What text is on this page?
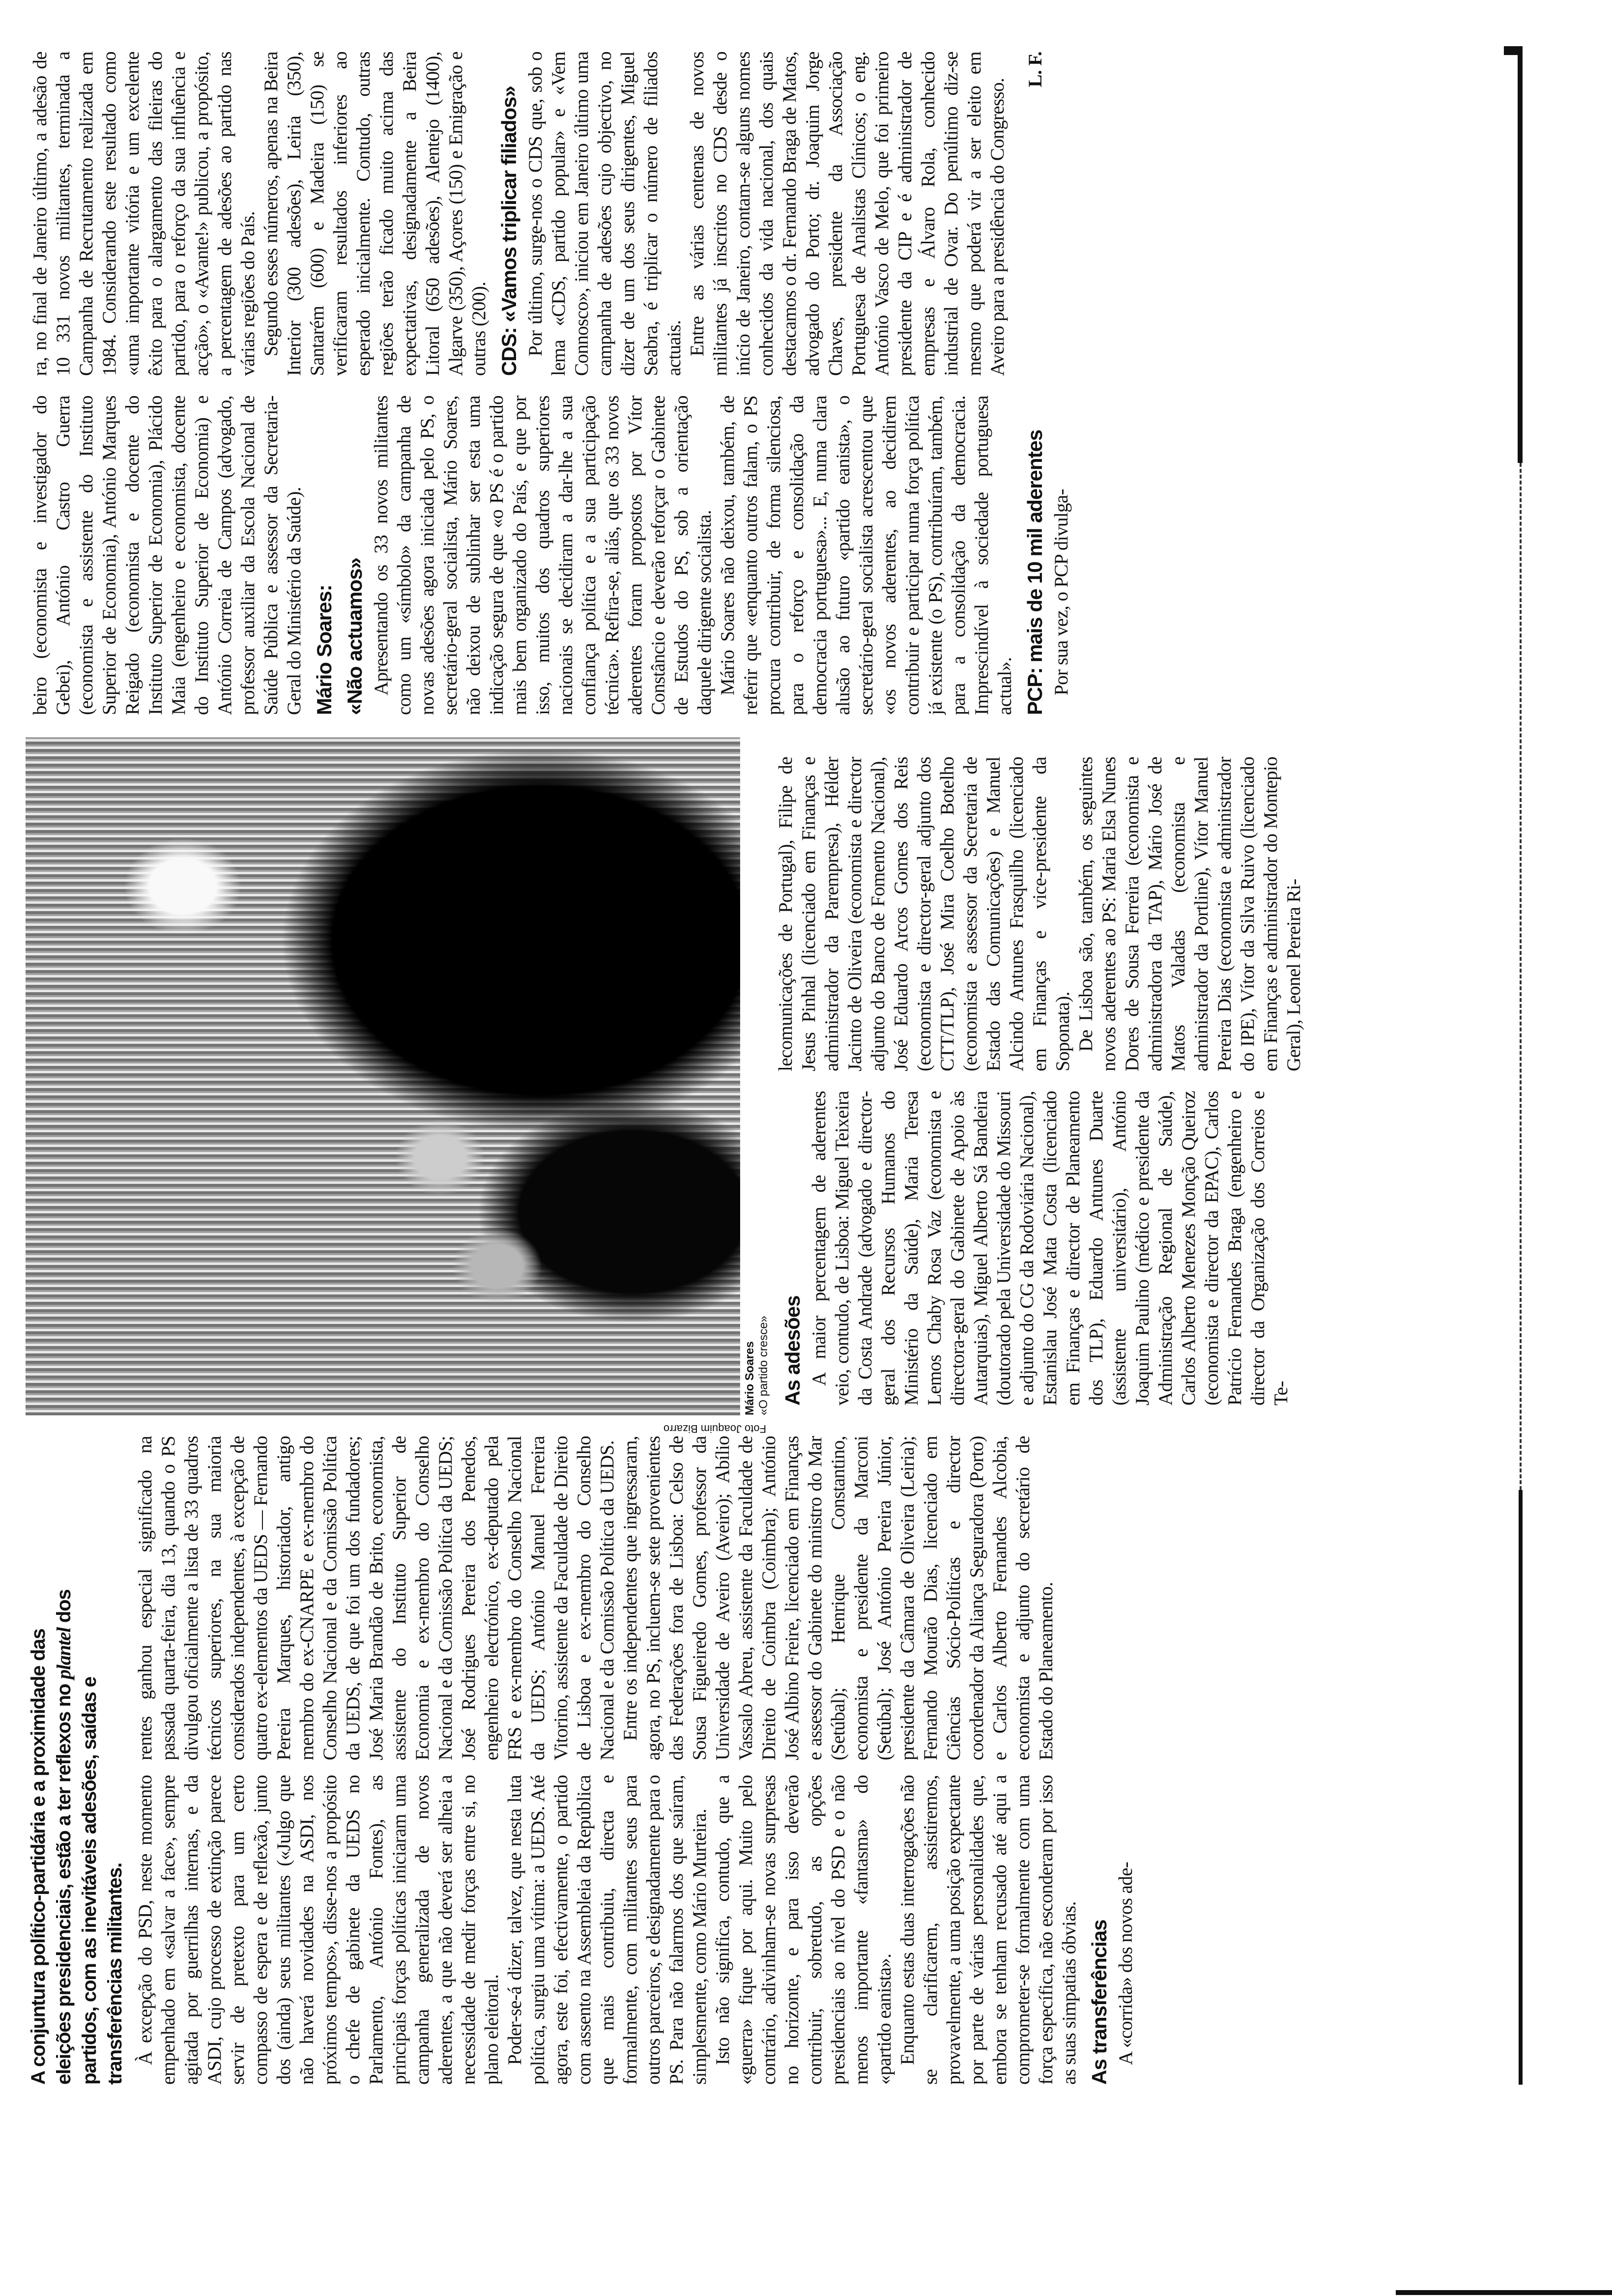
A conjuntura político-partidária e a proximidade das eleições presidenciais, estão a ter reflexos no plantel dos
partidos, com as inevitáveis adesões, saídas e transferências militantes. À excepção do PSD, neste momento empenhado em «salvar a face», sempre agitada por guerrilhas internas, e da ASDI, cujo processo de extinção parece servir de pretexto para um certo compasso de espera e de reflexão, junto dos (ainda) seus militantes («Julgo que não haverá novidades na ASDI, nos próximos tempos», disse-nos a propósito o chefe de gabinete da UEDS no Parlamento, António Fontes), as principais forças políticas iniciaram uma campanha generalizada de novos aderentes, a que não deverá ser alheia a necessidade de medir forças entre si, no plano eleitoral. Poder-se-á dizer, talvez, que nesta luta política, surgiu uma vítima: a UEDS. Até agora, este foi, efectivamente, o partido com assento na Assembleia da República que mais contribuiu, directa e formalmente, com militantes seus para outros parceiros, e designadamente para o PS. Para não falarmos dos que saíram, simplesmente, como Mário Murteira. Isto não significa, contudo, que a «guerra» fique por aqui. Muito pelo contrário, adivinham-se novas surpresas no horizonte, e para isso deverão contribuir, sobretudo, as opções presidenciais ao nível do PSD e o não menos importante «fantasma» do «partido eanista». Enquanto estas duas interrogações não se clarificarem, assistiremos, provavelmente, a uma posição expectante por parte de várias personalidades que, embora se tenham recusado até aqui a comprometer-se formalmente com uma força específica, não esconderam por isso as suas simpatias óbvias. As transferências A «corrida» dos novos ade-

rentes ganhou especial significado na passada quarta-feira, dia 13, quando o PS divulgou oficialmente a lista de 33 quadros técnicos superiores, na sua maioria considerados independentes, à excepção de quatro ex-elementos da UEDS — Fernando Pereira Marques, historiador, antigo membro do ex-CNARPE e ex-membro do Conselho Nacional e da Comissão Política da UEDS, de que foi um dos fundadores; José Maria Brandão de Brito, economista, assistente do Instituto Superior de Economia e ex-membro do Conselho Nacional e da Comissão Política da UEDS; José Rodrigues Pereira dos Penedos, engenheiro electrónico, ex-deputado pela FRS e ex-membro do Conselho Nacional da UEDS; António Manuel Ferreira Vitorino, assistente da Faculdade de Direito de Lisboa e ex-membro do Conselho Nacional e da Comissão Política da UEDS. Entre os independentes que ingressaram, agora, no PS, incluem-se sete provenientes das Federações fora de Lisboa: Celso de Sousa Figueiredo Gomes, professor da Universidade de Aveiro (Aveiro); Abílio Vassalo Abreu, assistente da Faculdade de Direito de Coimbra (Coimbra); António José Albino Freire, licenciado em Finanças e assessor do Gabinete do ministro do Mar (Setúbal); Henrique Constantino, economista e presidente da Marconi (Setúbal); José António Pereira Júnior, presidente da Câmara de Oliveira (Leiria); Fernando Mourão Dias, licenciado em Ciências Sócio-Políticas e director coordenador da Aliança Seguradora (Porto) e Carlos Alberto Fernandes Alcobia, economista e adjunto do secretário de Estado do Planeamento.

Foto Joaquim Bizarro
Mário Soares «O partido cresce» As adesões A maior percentagem de aderentes veio, contudo, de Lisboa: Miguel Teixeira da Costa Andrade (advogado e director-geral dos Recursos Humanos do Ministério da Saúde), Maria Teresa Lemos Chaby Rosa Vaz (economista e directora-geral do Gabinete de Apoio às Autarquias), Miguel Alberto Sá Bandeira (doutorado pela Universidade do Missouri e adjunto do CG da Rodoviária Nacional), Estanislau José Mata Costa (licenciado em Finanças e director de Planeamento dos TLP), Eduardo Antunes Duarte (assistente universitário), António Joaquim Paulino (médico e presidente da Administração Regional de Saúde), Carlos Alberto Menezes Monção Queiroz (economista e director da EPAC), Carlos Patrício Fernandes Braga (engenheiro e director da Organização dos Correios e Te-

lecomunicações de Portugal), Filipe de Jesus Pinhal (licenciado em Finanças e administrador da Parempresa), Hélder Jacinto de Oliveira (economista e director adjunto do Banco de Fomento Nacional), José Eduardo Arcos Gomes dos Reis (economista e director-geral adjunto dos CTT/TLP), José Mira Coelho Botelho (economista e assessor da Secretaria de Estado das Comunicações) e Manuel Alcindo Antunes Frasquilho (licenciado em Finanças e vice-presidente da Soponata). De Lisboa são, também, os seguintes novos aderentes ao PS: Maria Elsa Nunes Dores de Sousa Ferreira (economista e administradora da TAP), Mário José de Matos Valadas (economista e administrador da Portline), Vítor Manuel Pereira Dias (economista e administrador do IPE), Vítor da Silva Ruivo (licenciado em Finanças e administrador do Montepio Geral), Leonel Pereira Ri-

beiro (economista e investigador do Gebei), António Castro Guerra (economista e assistente do Instituto Superior de Economia), António Marques Reigado (economista e docente do Instituto Superior de Economia), Plácido Maia (engenheiro e economista, docente do Instituto Superior de Economia) e António Correia de Campos (advogado, professor auxiliar da Escola Nacional de Saúde Pública e assessor da Secretaria-Geral do Ministério da Saúde). Mário Soares: «Não actuamos» Apresentando os 33 novos militantes como um «símbolo» da campanha de novas adesões agora iniciada pelo PS, o secretário-geral socialista, Mário Soares, não deixou de sublinhar ser esta uma indicação segura de que «o PS é o partido mais bem organizado do País, e que por isso, muitos dos quadros superiores nacionais se decidiram a dar-lhe a sua confiança política e a sua participação técnica». Refira-se, aliás, que os 33 novos aderentes foram propostos por Vítor Constâncio e deverão reforçar o Gabinete de Estudos do PS, sob a orientação daquele dirigente socialista. Mário Soares não deixou, também, de referir que «enquanto outros falam, o PS procura contribuir, de forma silenciosa, para o reforço e consolidação da democracia portuguesa»... E, numa clara alusão ao futuro «partido eanista», o secretário-geral socialista acrescentou que «os novos aderentes, ao decidirem contribuir e participar numa força política já existente (o PS), contribuíram, também, para a consolidação da democracia. Imprescindível à sociedade portuguesa actual». PCP: mais de 10 mil aderentes Por sua vez, o PCP divulga-

ra, no final de Janeiro último, a adesão de 10 331 novos militantes, terminada a Campanha de Recrutamento realizada em 1984. Considerando este resultado como «uma importante vitória e um excelente êxito para o alargamento das fileiras do partido, para o reforço da sua influência e acção», o «Avante!» publicou, a propósito, a percentagem de adesões ao partido nas várias regiões do País. Segundo esses números, apenas na Beira Interior (300 adesões), Leiria (350), Santarém (600) e Madeira (150) se verificaram resultados inferiores ao esperado inicialmente. Contudo, outras regiões terão ficado muito acima das expectativas, designadamente a Beira Litoral (650 adesões), Alentejo (1400), Algarve (350), Açores (150) e Emigração e outras (200). CDS: «Vamos triplicar filiados» Por último, surge-nos o CDS que, sob o lema «CDS, partido popular» e «Vem Connosco», iniciou em Janeiro último uma campanha de adesões cujo objectivo, no dizer de um dos seus dirigentes, Miguel Seabra, é triplicar o número de filiados actuais. Entre as várias centenas de novos militantes já inscritos no CDS desde o início de Janeiro, contam-se alguns nomes conhecidos da vida nacional, dos quais destacamos o dr. Fernando Braga de Matos, advogado do Porto; dr. Joaquim Jorge Chaves, presidente da Associação Portuguesa de Analistas Clínicos; o eng. António Vasco de Melo, que foi primeiro presidente da CIP e é administrador de empresas e Álvaro Rola, conhecido industrial de Ovar. Do penúltimo diz-se mesmo que poderá vir a ser eleito em Aveiro para a presidência do Congresso.

L. F.
